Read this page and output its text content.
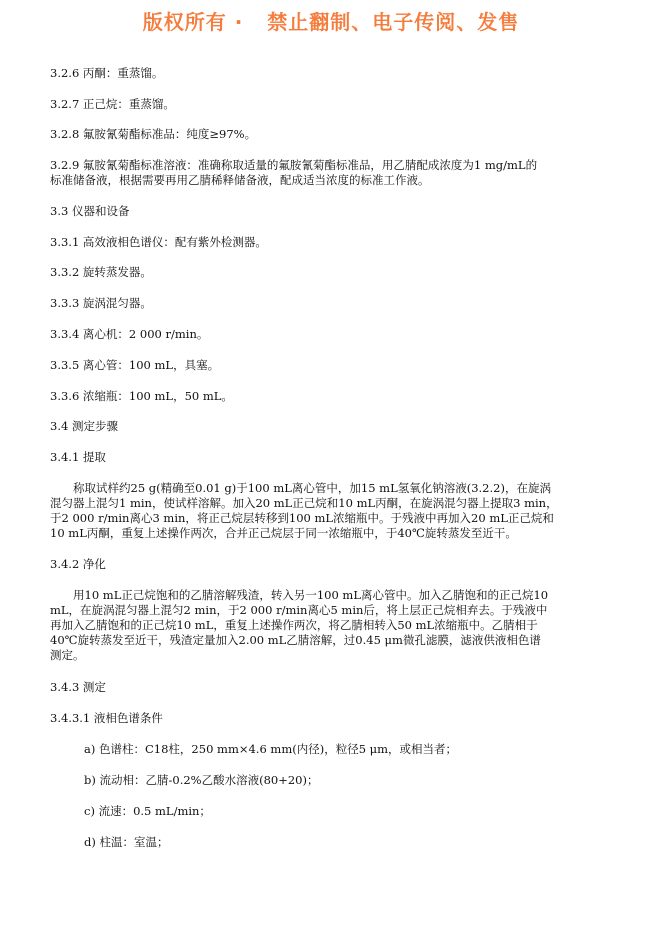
版权所有 ·   禁止翻制、电子传阅、发售
3.2.6 丙酮：重蒸馏。
3.2.7 正己烷：重蒸馏。
3.2.8 氟胺氰菊酯标准品：纯度≥97%。
3.2.9 氟胺氰菊酯标准溶液：准确称取适量的氟胺氰菊酯标准品，用乙腈配成浓度为1 mg/mL的
标准储备液，根据需要再用乙腈稀释储备液，配成适当浓度的标准工作液。
3.3 仪器和设备
3.3.1 高效液相色谱仪：配有紫外检测器。
3.3.2 旋转蒸发器。
3.3.3 旋涡混匀器。
3.3.4 离心机：2 000 r/min。
3.3.5 离心管：100 mL，具塞。
3.3.6 浓缩瓶：100 mL，50 mL。
3.4 测定步骤
3.4.1 提取
　　称取试样约25 g(精确至0.01 g)于100 mL离心管中，加15 mL氢氧化钠溶液(3.2.2)，在旋涡
混匀器上混匀1 min，使试样溶解。加入20 mL正己烷和10 mL丙酮，在旋涡混匀器上提取3 min，
于2 000 r/min离心3 min，将正己烷层转移到100 mL浓缩瓶中。于残液中再加入20 mL正己烷和
10 mL丙酮，重复上述操作两次，合并正己烷层于同一浓缩瓶中，于40℃旋转蒸发至近干。
3.4.2 净化
　　用10 mL正己烷饱和的乙腈溶解残渣，转入另一100 mL离心管中。加入乙腈饱和的正己烷10
mL，在旋涡混匀器上混匀2 min，于2 000 r/min离心5 min后，将上层正己烷相弃去。于残液中
再加入乙腈饱和的正己烷10 mL，重复上述操作两次，将乙腈相转入50 mL浓缩瓶中。乙腈相于
40℃旋转蒸发至近干，残渣定量加入2.00 mL乙腈溶解，过0.45 μm微孔滤膜，滤液供液相色谱
测定。
3.4.3 测定
3.4.3.1 液相色谱条件
a) 色谱柱：C18柱，250 mm×4.6 mm(内径)，粒径5 μm，或相当者；
b) 流动相：乙腈-0.2%乙酸水溶液(80+20)；
c) 流速：0.5 mL/min；
d) 柱温：室温；
